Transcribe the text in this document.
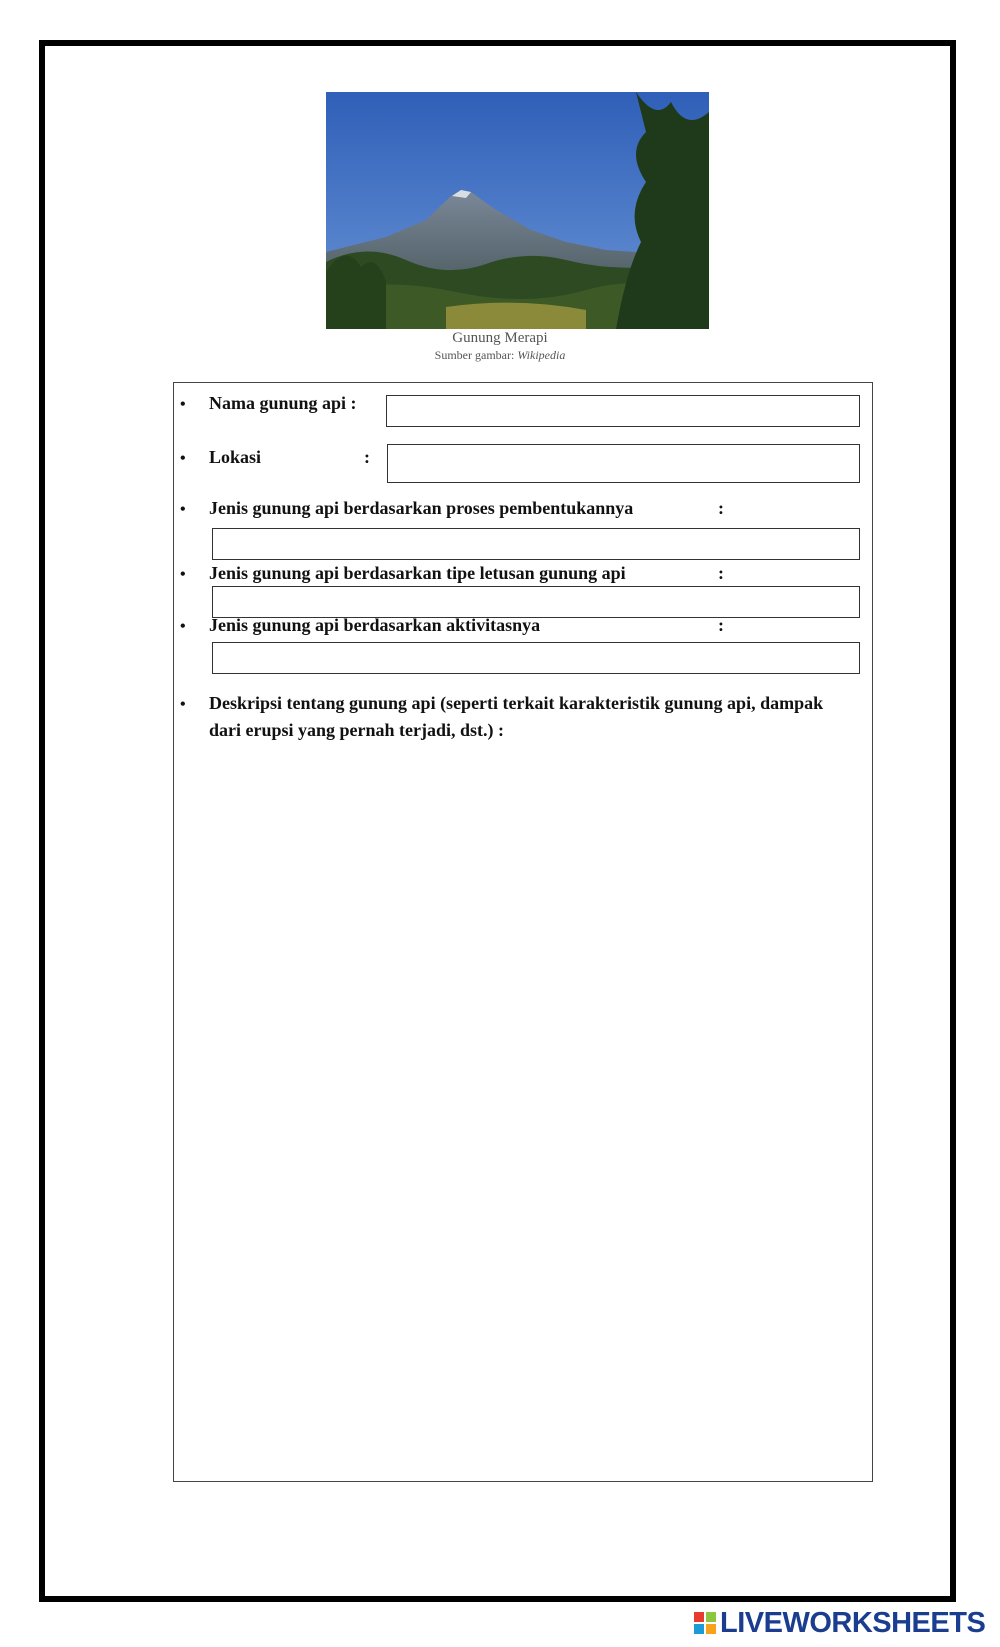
Gunung Merapi
Sumber gambar: Wikipedia
• Nama gunung api :
• Lokasi	:
• Jenis gunung api berdasarkan proses pembentukannya	:
• Jenis gunung api berdasarkan tipe letusan gunung api	:
• Jenis gunung api berdasarkan aktivitasnya	:
• Deskripsi tentang gunung api (seperti terkait karakteristik gunung api, dampak dari erupsi yang pernah terjadi, dst.) :
LIVEWORKSHEETS
